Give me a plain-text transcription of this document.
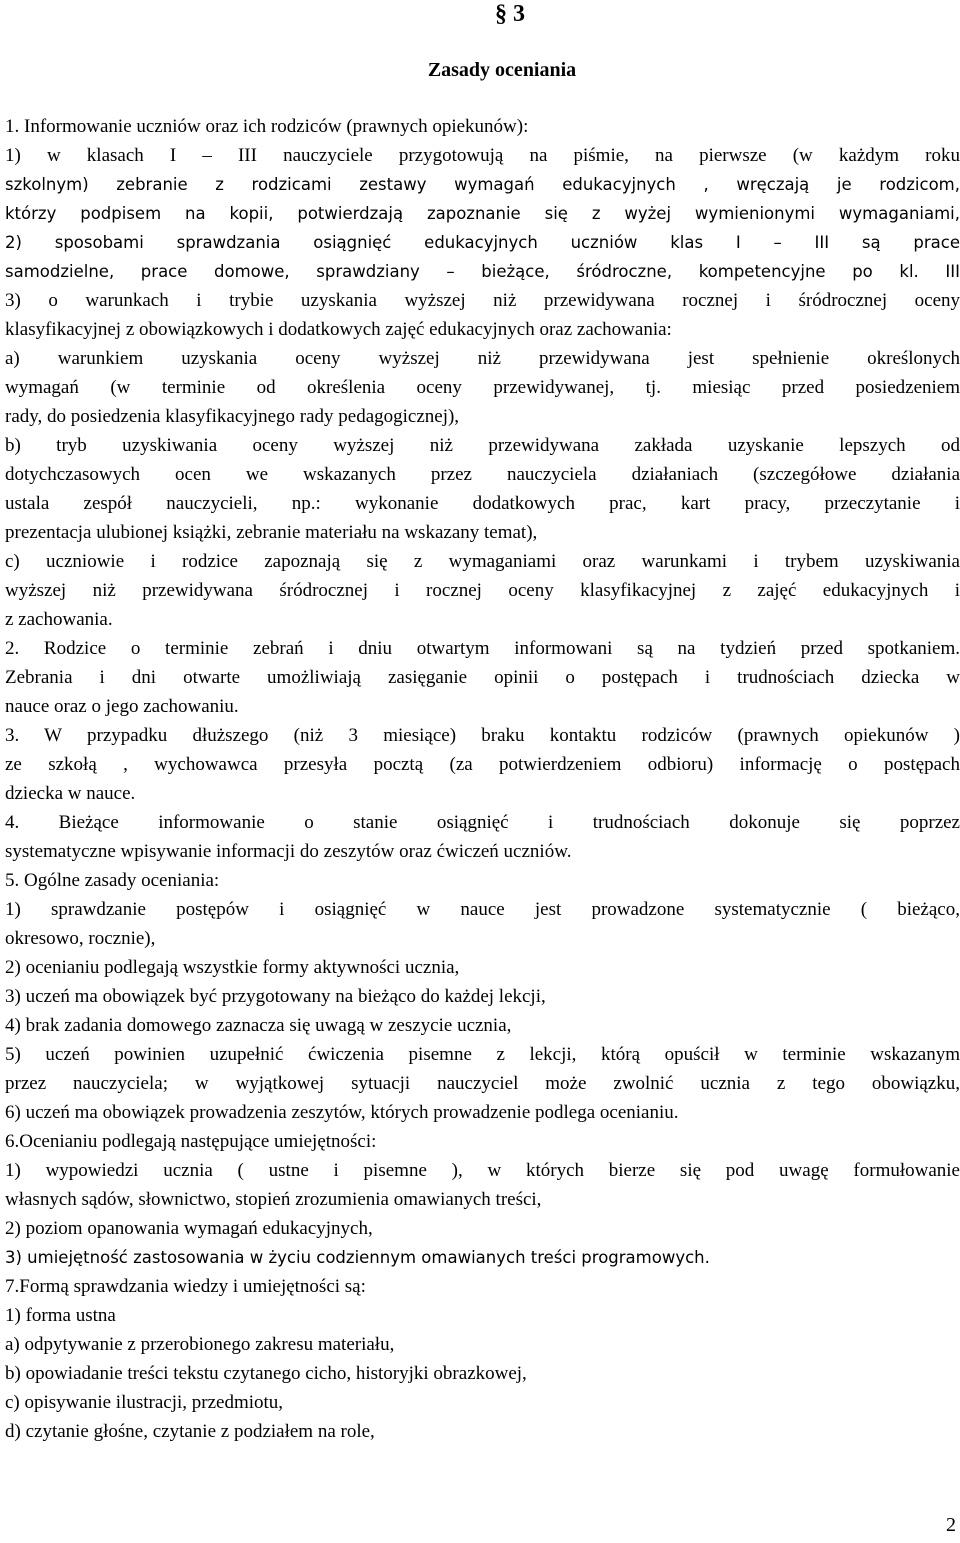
§ 3
Zasady oceniania
1. Informowanie uczniów oraz ich rodziców (prawnych opiekunów):
1) w klasach I – III nauczyciele przygotowują na piśmie, na pierwsze (w każdym roku
szkolnym) zebranie z rodzicami zestawy wymagań edukacyjnych , wręczają je rodzicom,
którzy podpisem na kopii, potwierdzają zapoznanie się z wyżej wymienionymi wymaganiami,
2) sposobami sprawdzania osiągnięć edukacyjnych uczniów klas I – III są prace
samodzielne, prace domowe, sprawdziany – bieżące, śródroczne, kompetencyjne po kl. III
3) o warunkach i trybie uzyskania wyższej niż przewidywana rocznej i śródrocznej oceny
klasyfikacyjnej z obowiązkowych i dodatkowych zajęć edukacyjnych oraz zachowania:
a) warunkiem uzyskania oceny wyższej niż przewidywana jest spełnienie określonych
wymagań (w terminie od określenia oceny przewidywanej, tj. miesiąc przed posiedzeniem
rady, do posiedzenia klasyfikacyjnego rady pedagogicznej),
b) tryb uzyskiwania oceny wyższej niż przewidywana zakłada uzyskanie lepszych od
dotychczasowych ocen we wskazanych przez nauczyciela działaniach (szczegółowe działania
ustala zespół nauczycieli, np.: wykonanie dodatkowych prac, kart pracy, przeczytanie i
prezentacja ulubionej książki, zebranie materiału na wskazany temat),
c) uczniowie i rodzice zapoznają się z wymaganiami oraz warunkami i trybem uzyskiwania
wyższej niż przewidywana śródrocznej i rocznej oceny klasyfikacyjnej z zajęć edukacyjnych i
z zachowania.
2. Rodzice o terminie zebrań i dniu otwartym informowani są na tydzień przed spotkaniem.
Zebrania i dni otwarte umożliwiają zasięganie opinii o postępach i trudnościach dziecka w
nauce oraz o jego zachowaniu.
3. W przypadku dłuższego (niż 3 miesiące) braku kontaktu rodziców (prawnych opiekunów )
ze szkołą , wychowawca przesyła pocztą (za potwierdzeniem odbioru) informację o postępach
dziecka w nauce.
4. Bieżące informowanie o stanie osiągnięć i trudnościach dokonuje się poprzez
systematyczne wpisywanie informacji do zeszytów oraz ćwiczeń uczniów.
5. Ogólne zasady oceniania:
1) sprawdzanie postępów i osiągnięć w nauce jest prowadzone systematycznie ( bieżąco,
okresowo, rocznie),
2) ocenianiu podlegają wszystkie formy aktywności ucznia,
3) uczeń ma obowiązek być przygotowany na bieżąco do każdej lekcji,
4) brak zadania domowego zaznacza się uwagą w zeszycie ucznia,
5) uczeń powinien uzupełnić ćwiczenia pisemne z lekcji, którą opuścił w terminie wskazanym
przez nauczyciela; w wyjątkowej sytuacji nauczyciel może zwolnić ucznia z tego obowiązku,
6) uczeń ma obowiązek prowadzenia zeszytów, których prowadzenie podlega ocenianiu.
6.Ocenianiu podlegają następujące umiejętności:
1) wypowiedzi ucznia ( ustne i pisemne ), w których bierze się pod uwagę formułowanie
własnych sądów, słownictwo, stopień zrozumienia omawianych treści,
2) poziom opanowania wymagań edukacyjnych,
3) umiejętność zastosowania w życiu codziennym omawianych treści programowych.
7.Formą sprawdzania wiedzy i umiejętności są:
1) forma ustna
a) odpytywanie z przerobionego zakresu materiału,
b) opowiadanie treści tekstu czytanego cicho, historyjki obrazkowej,
c) opisywanie ilustracji, przedmiotu,
d) czytanie głośne, czytanie z podziałem na role,
2
